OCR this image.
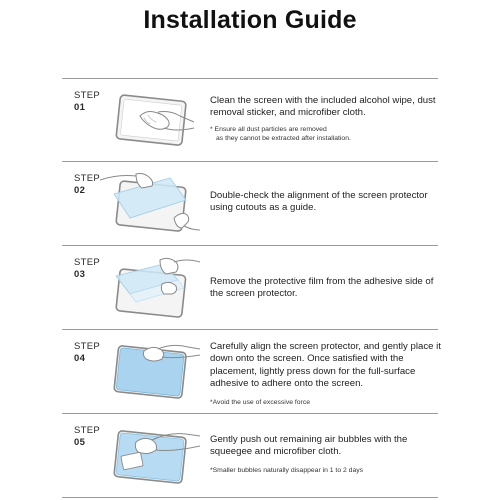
Installation Guide
STEP
01
Clean the screen with the included alcohol wipe, dust removal sticker, and microfiber cloth.
* Ensure all dust particles are removed
as they cannot be extracted after installation.
STEP
02	Double-check the alignment of the screen protector using cutouts as a guide.
STEP
03
Remove the protective film from the adhesive side of the screen protector.
STEP
04
Carefully align the screen protector, and gently place it down onto the screen. Once satisfied with the placement, lightly press down for the full-surface adhesive to adhere onto the screen.
*Avoid the use of excessive force
STEP
05	Gently push out remaining air bubbles with the squeegee and microfiber cloth.
*Smaller bubbles naturally disappear in 1 to 2 days
